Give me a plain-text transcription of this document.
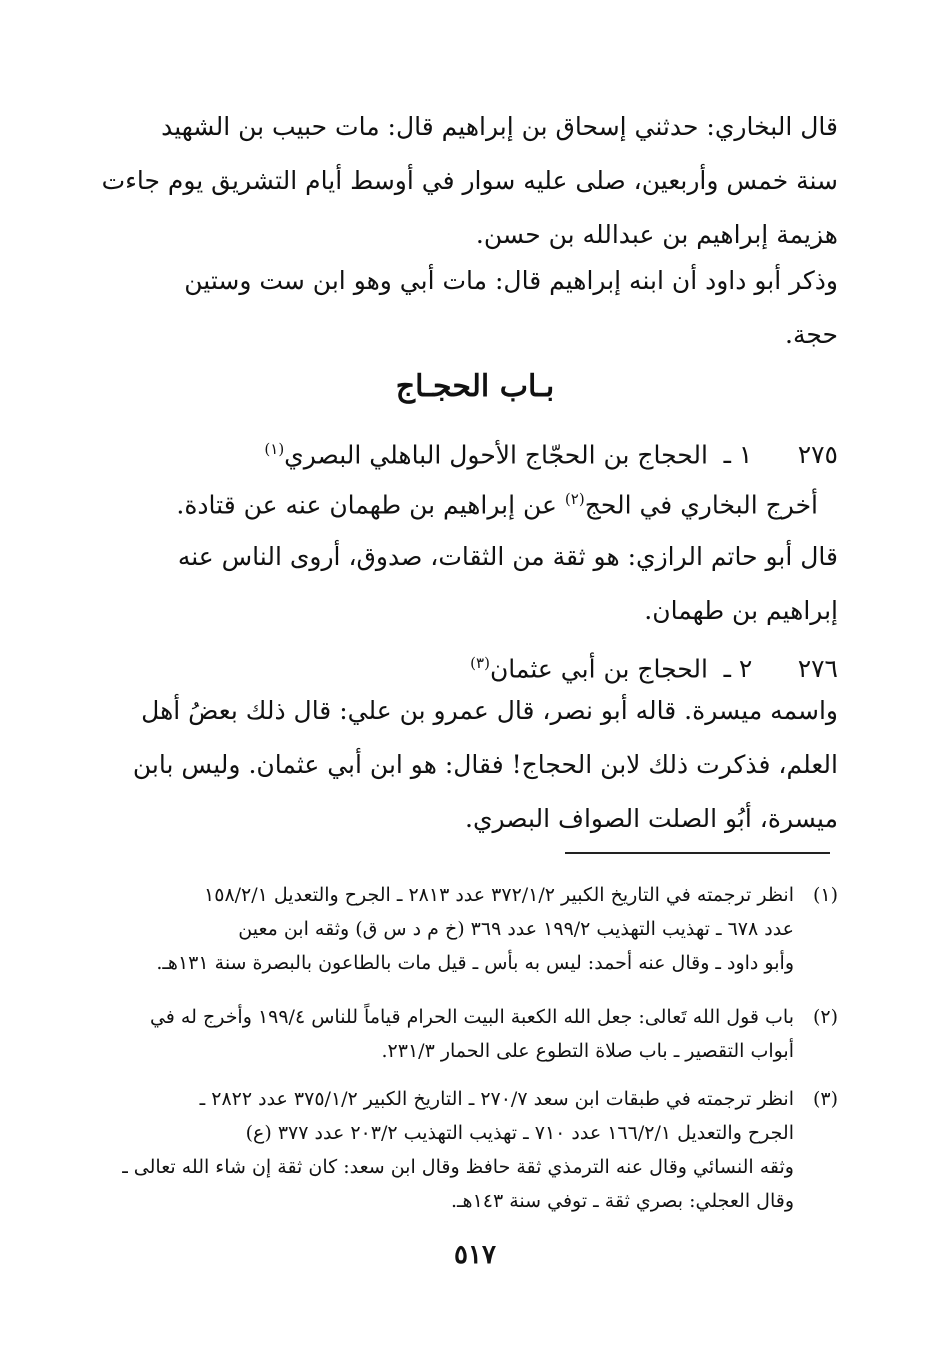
قال البخاري: حدثني إسحاق بن إبراهيم قال: مات حبيب بن الشهيد
سنة خمس وأربعين، صلى عليه سوار في أوسط أيام التشريق يوم جاءت
هزيمة إبراهيم بن عبدالله بن حسن.
وذكر أبو داود أن ابنه إبراهيم قال: مات أبي وهو ابن ست وستين
حجة.
بـاب الحجـاج
٢٧٥١ ـالحجاج بن الحجّاج الأحول الباهلي البصري$^{(١)}$
أخرج البخاري في الحج$^{(٢)}$ عن إبراهيم بن طهمان عنه عن قتادة.
قال أبو حاتم الرازي: هو ثقة من الثقات، صدوق، أروى الناس عنه
إبراهيم بن طهمان.
٢٧٦٢ ـالحجاج بن أبي عثمان$^{(٣)}$
واسمه ميسرة. قاله أبو نصر، قال عمرو بن علي: قال ذلك بعضُ أهل
العلم، فذكرت ذلك لابن الحجاج! فقال: هو ابن أبي عثمان. وليس بابن
ميسرة، أبُو الصلت الصواف البصري.
(١)
انظر ترجمته في التاريخ الكبير ٣٧٢/١/٢ عدد ٢٨١٣ ـ الجرح والتعديل ١٥٨/٢/١
عدد ٦٧٨ ـ تهذيب التهذيب ١٩٩/٢ عدد ٣٦٩ (خ م د س ق) وثقه ابن معين
وأبو داود ـ وقال عنه أحمد: ليس به بأس ـ قيل مات بالطاعون بالبصرة سنة ١٣١هـ.
(٢)
باب قول الله تَعالى: جعل الله الكعبة البيت الحرام قياماً للناس ١٩٩/٤ وأخرج له في
أبواب التقصير ـ باب صلاة التطوع على الحمار ٢٣١/٣.
(٣)
انظر ترجمته في طبقات ابن سعد ٢٧٠/٧ ـ التاريخ الكبير ٣٧٥/١/٢ عدد ٢٨٢٢ ـ
الجرح والتعديل ١٦٦/٢/١ عدد ٧١٠ ـ تهذيب التهذيب ٢٠٣/٢ عدد ٣٧٧ (ع)
وثقه النسائي وقال عنه الترمذي ثقة حافظ وقال ابن سعد: كان ثقة إن شاء الله تعالى ـ
وقال العجلي: بصري ثقة ـ توفي سنة ١٤٣هـ.
٥١٧
